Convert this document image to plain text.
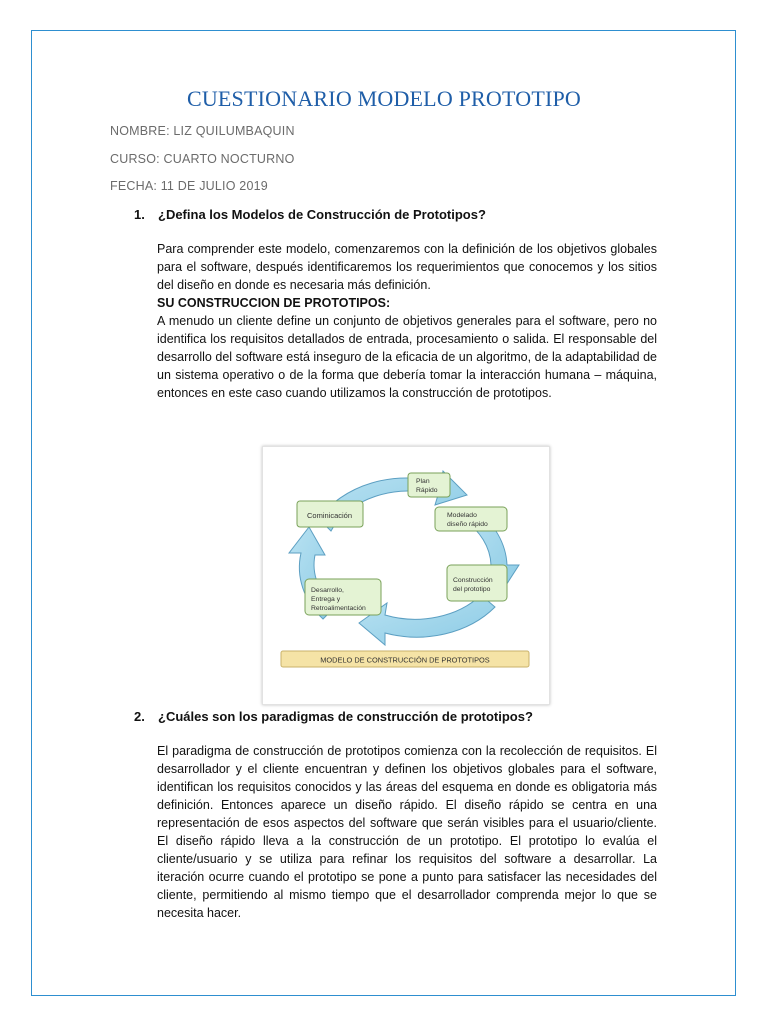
CUESTIONARIO MODELO PROTOTIPO
NOMBRE: LIZ QUILUMBAQUIN
CURSO: CUARTO NOCTURNO
FECHA: 11 DE JULIO 2019
1. ¿Defina los Modelos de Construcción de Prototipos?
Para comprender este modelo, comenzaremos con la definición de los objetivos globales para el software, después identificaremos los requerimientos que conocemos y los sitios del diseño en donde es necesaria más definición.
SU CONSTRUCCION DE PROTOTIPOS:
A menudo un cliente define un conjunto de objetivos generales para el software, pero no identifica los requisitos detallados de entrada, procesamiento o salida. El responsable del desarrollo del software está inseguro de la eficacia de un algoritmo, de la adaptabilidad de un sistema operativo o de la forma que debería tomar la interacción humana – máquina, entonces en este caso cuando utilizamos la construcción de prototipos.
Cominicación
Plan
Rápido
Modelado
diseño rápido
Construcción
del prototipo
Desarrollo,
Entrega y
Retroalimentación
MODELO DE CONSTRUCCIÓN DE PROTOTIPOS
2. ¿Cuáles son los paradigmas de construcción de prototipos?
El paradigma de construcción de prototipos comienza con la recolección de requisitos. El desarrollador y el cliente encuentran y definen los objetivos globales para el software, identifican los requisitos conocidos y las áreas del esquema en donde es obligatoria más definición. Entonces aparece un diseño rápido. El diseño rápido se centra en una representación de esos aspectos del software que serán visibles para el usuario/cliente. El diseño rápido lleva a la construcción de un prototipo. El prototipo lo evalúa el cliente/usuario y se utiliza para refinar los requisitos del software a desarrollar. La iteración ocurre cuando el prototipo se pone a punto para satisfacer las necesidades del cliente, permitiendo al mismo tiempo que el desarrollador comprenda mejor lo que se necesita hacer.
